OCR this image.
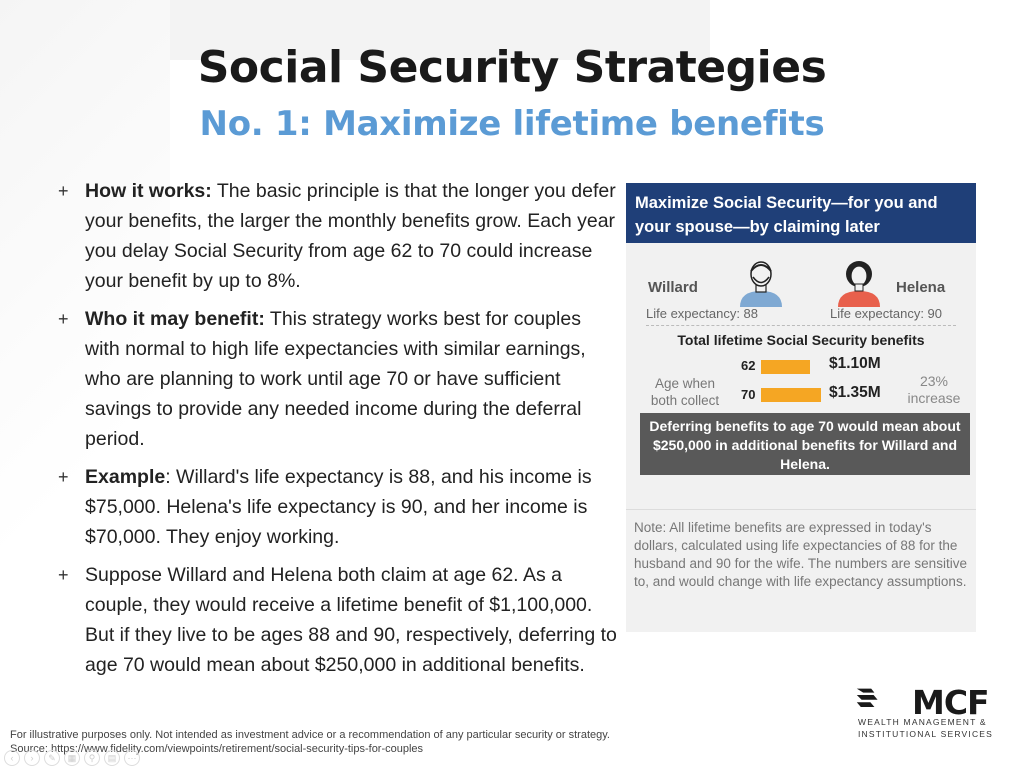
Social Security Strategies
No. 1: Maximize lifetime benefits
+ How it works: The basic principle is that the longer you defer your benefits, the larger the monthly benefits grow. Each year you delay Social Security from age 62 to 70 could increase your benefit by up to 8%.
+ Who it may benefit: This strategy works best for couples with normal to high life expectancies with similar earnings, who are planning to work until age 70 or have sufficient savings to provide any needed income during the deferral period.
+ Example: Willard's life expectancy is 88, and his income is $75,000. Helena's life expectancy is 90, and her income is $70,000. They enjoy working.
+ Suppose Willard and Helena both claim at age 62. As a couple, they would receive a lifetime benefit of $1,100,000. But if they live to be ages 88 and 90, respectively, deferring to age 70 would mean about $250,000 in additional benefits.
Maximize Social Security—for you and your spouse—by claiming later
Willard	Helena
Life expectancy: 88	Life expectancy: 90
Total lifetime Social Security benefits
Age when both collect
62	$1.10M
70	$1.35M
23% increase
Deferring benefits to age 70 would mean about $250,000 in additional benefits for Willard and Helena.
Note: All lifetime benefits are expressed in today's dollars, calculated using life expectancies of 88 for the husband and 90 for the wife. The numbers are sensitive to, and would change with life expectancy assumptions.
For illustrative purposes only. Not intended as investment advice or a recommendation of any particular security or strategy.
Source: https://www.fidelity.com/viewpoints/retirement/social-security-tips-for-couples
MCF
WEALTH MANAGEMENT &
INSTITUTIONAL SERVICES
‹	›	✎	▦	⚲	▤	⋯
